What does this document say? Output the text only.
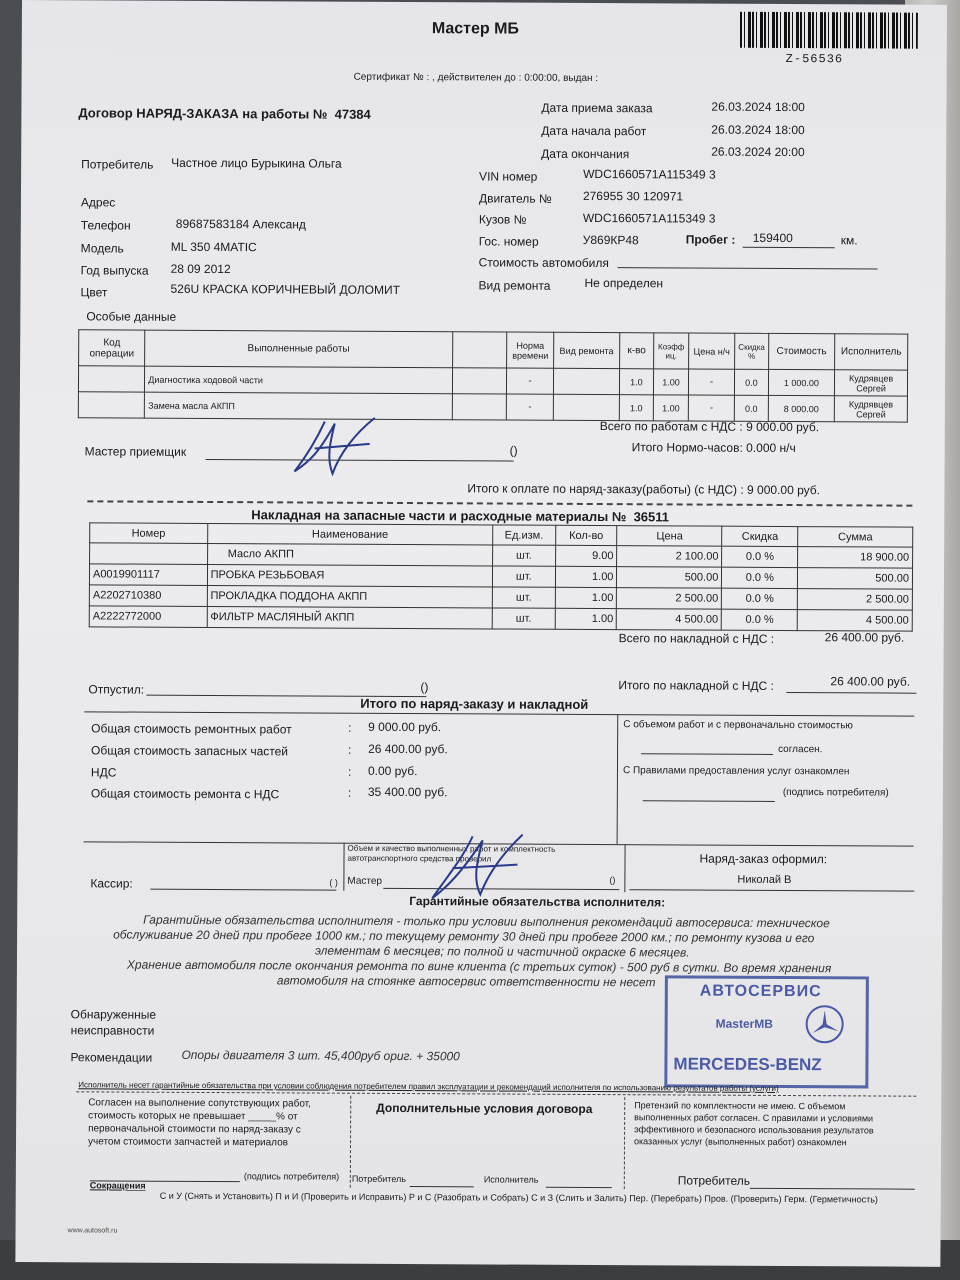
Мастер МБ
Z-56536
Сертификат № : , действителен до : 0:00:00, выдан :
Договор НАРЯД-ЗАКАЗА на работы № 47384	Дата приема заказа	26.03.2024 18:00
Дата начала работ	26.03.2024 18:00
Дата окончания	26.03.2024 20:00
Потребитель Частное лицо Бурыкина Ольга
Адрес
Телефон	89687583184 Александ
Модель	ML 350 4MATIC
Год выпуска 28 09 2012
Цвет	526U КРАСКА КОРИЧНЕВЫЙ ДОЛОМИТ
VIN номер	WDC1660571A115349 3
Двигатель №	276955 30 120971
Кузов №	WDC1660571A115349 3
Гос. номер	У869КР48	Пробег : 159400	км.
Стоимость автомобиля
Вид ремонта	Не определен
Особые данные
Код операции	Выполненные работы		Норма времени	Вид ремонта	к-во	Коэфф иц.	Цена н/ч	Скидка %	Стоимость	Исполнитель
	Диагностика ходовой части		-		1.0	1.00	-	0.0	1 000.00	Кудрявцев Сергей
	Замена масла АКПП		-		1.0	1.00	-	0.0	8 000.00	Кудрявцев Сергей
Всего по работам с НДС : 9 000.00 руб.
Итого Нормо-часов: 0.000 н/ч
Мастер приемщик	()
Итого к оплате по наряд-заказу(работы) (с НДС) : 9 000.00 руб.
Накладная на запасные части и расходные материалы № 36511
Номер	Наименование	Ед.изм.	Кол-во	Цена	Скидка	Сумма
	Масло АКПП	шт.	9.00	2 100.00	0.0 %	18 900.00
A0019901117	ПРОБКА РЕЗЬБОВАЯ	шт.	1.00	500.00	0.0 %	500.00
A2202710380	ПРОКЛАДКА ПОДДОНА АКПП	шт.	1.00	2 500.00	0.0 %	2 500.00
A2222772000	ФИЛЬТР МАСЛЯНЫЙ АКПП	шт.	1.00	4 500.00	0.0 %	4 500.00
Всего по накладной с НДС :	26 400.00 руб.
Отпустил:	()	Итого по накладной с НДС :	26 400.00 руб.
Итого по наряд-заказу и накладной
Общая стоимость ремонтных работ	: 9 000.00 руб.
Общая стоимость запасных частей	: 26 400.00 руб.
НДС	: 0.00 руб.
Общая стоимость ремонта с НДС	: 35 400.00 руб.
С объемом работ и с первоначально стоимостью
согласен.
С Правилами предоставления услуг ознакомлен
(подпись потребителя)
Объем и качество выполненных работ и комплектность автотранспортного средства проверил
Кассир:	( ) Мастер	()
Наряд-заказ оформил:
Николай В
Гарантийные обязательства исполнителя:
Гарантийные обязательства исполнителя - только при условии выполнения рекомендаций автосервиса: техническое
обслуживание 20 дней при пробеге 1000 км.; по текущему ремонту 30 дней при пробеге 2000 км.; по ремонту кузова и его
элементам 6 месяцев; по полной и частичной окраске 6 месяцев.
Хранение автомобиля после окончания ремонта по вине клиента (с третьих суток) - 500 руб в сутки. Во время хранения
автомобиля на стоянке автосервис ответственности не несет
АВТОСЕРВИС
MasterMB
MERCEDES-BENZ
Обнаруженные
неисправности
Рекомендации Опоры двигателя 3 шт. 45,400руб ориг. + 35000
Исполнитель несет гарантийные обязательства при условии соблюдения потребителем правил эксплуатации и рекомендаций исполнителя по использованию результатов работы (услуги)
Согласен на выполнение сопутствующих работ,
стоимость которых не превышает _____% от
первоначальной стоимости по наряд-заказу с
учетом стоимости запчастей и материалов
(подпись потребителя)
Дополнительные условия договора
Потребитель	Исполнитель
Претензий по комплектности не имею. С объемом
выполненных работ согласен. С правилами и условиями
эффективного и безопасного использования результатов
оказанных услуг (выполненных работ) ознакомлен
Потребитель
Сокращения
С и У (Снять и Установить) П и И (Проверить и Исправить) Р и С (Разобрать и Собрать) С и З (Слить и Залить) Пер. (Перебрать) Пров. (Проверить) Герм. (Герметичность)
www.autosoft.ru
